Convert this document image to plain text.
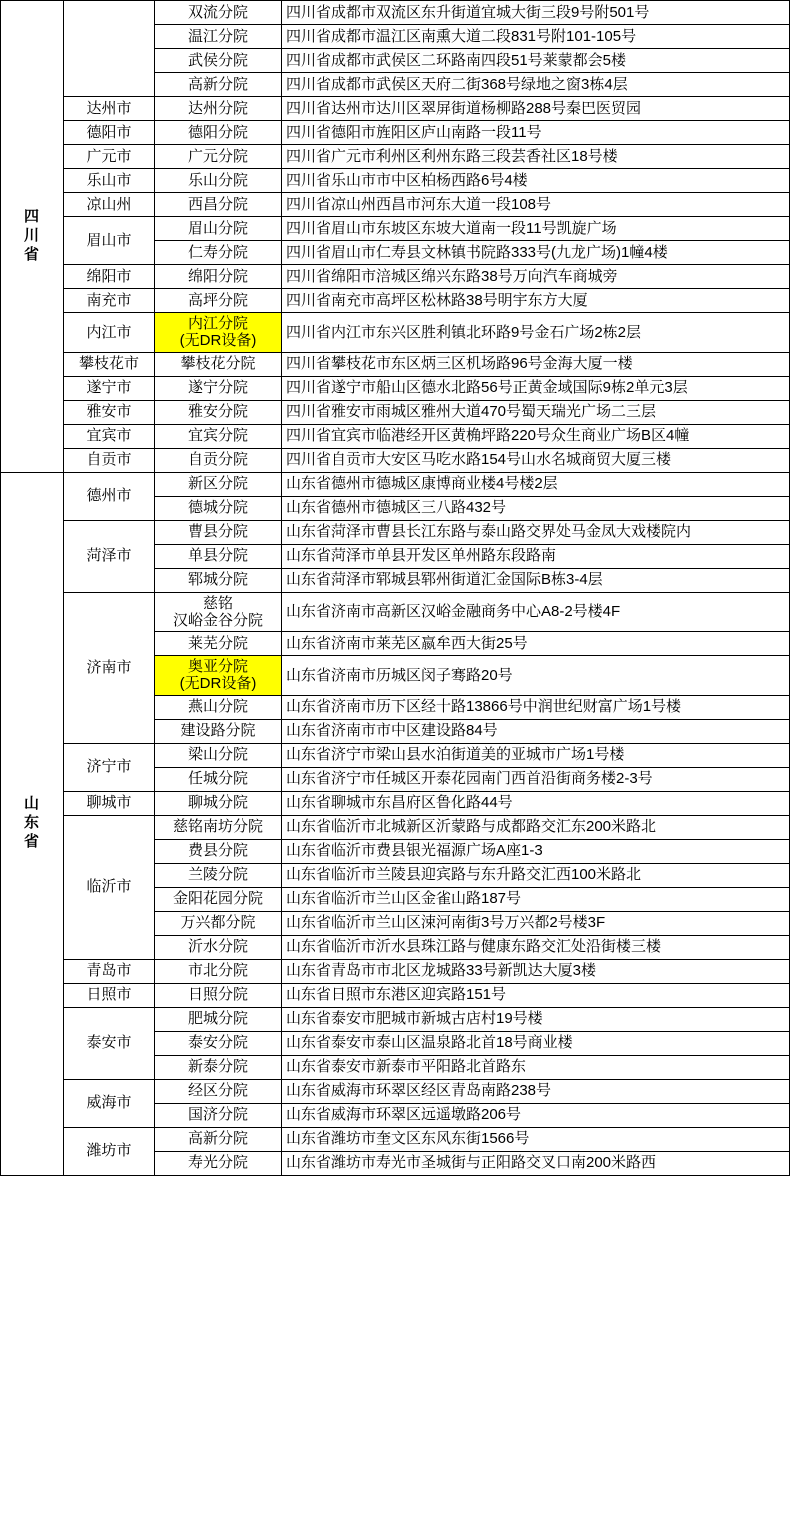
四
川
省		双流分院	四川省成都市双流区东升街道宜城大街三段9号附501号
		温江分院	四川省成都市温江区南熏大道二段831号附101-105号
		武侯分院	四川省成都市武侯区二环路南四段51号莱蒙都会5楼
		高新分院	四川省成都市武侯区天府二街368号绿地之窗3栋4层
	达州市	达州分院	四川省达州市达川区翠屏街道杨柳路288号秦巴医贸园
	德阳市	德阳分院	四川省德阳市旌阳区庐山南路一段11号
	广元市	广元分院	四川省广元市利州区利州东路三段芸香社区18号楼
	乐山市	乐山分院	四川省乐山市市中区柏杨西路6号4楼
	凉山州	西昌分院	四川省凉山州西昌市河东大道一段108号
	眉山市	眉山分院	四川省眉山市东坡区东坡大道南一段11号凯旋广场
		仁寿分院	四川省眉山市仁寿县文林镇书院路333号(九龙广场)1幢4楼
	绵阳市	绵阳分院	四川省绵阳市涪城区绵兴东路38号万向汽车商城旁
	南充市	高坪分院	四川省南充市高坪区松林路38号明宇东方大厦
	内江市	内江分院
(无DR设备)	四川省内江市东兴区胜利镇北环路9号金石广场2栋2层
	攀枝花市	攀枝花分院	四川省攀枝花市东区炳三区机场路96号金海大厦一楼
	遂宁市	遂宁分院	四川省遂宁市船山区德水北路56号正黄金域国际9栋2单元3层
	雅安市	雅安分院	四川省雅安市雨城区雅州大道470号蜀天瑞光广场二三层
	宜宾市	宜宾分院	四川省宜宾市临港经开区黄桷坪路220号众生商业广场B区4幢
	自贡市	自贡分院	四川省自贡市大安区马吃水路154号山水名城商贸大厦三楼

山
东
省	德州市	新区分院	山东省德州市德城区康博商业楼4号楼2层
		德城分院	山东省德州市德城区三八路432号
	菏泽市	曹县分院	山东省菏泽市曹县长江东路与泰山路交界处马金凤大戏楼院内
		单县分院	山东省菏泽市单县开发区单州路东段路南
		郓城分院	山东省菏泽市郓城县郓州街道汇金国际B栋3-4层
	济南市	慈铭
汉峪金谷分院	山东省济南市高新区汉峪金融商务中心A8-2号楼4F
		莱芜分院	山东省济南市莱芜区嬴牟西大街25号

		奥亚分院
(无DR设备)	山东省济南市历城区闵子骞路20号
		燕山分院	山东省济南市历下区经十路13866号中润世纪财富广场1号楼
		建设路分院	山东省济南市市中区建设路84号
	济宁市	梁山分院	山东省济宁市梁山县水泊街道美的亚城市广场1号楼
		任城分院	山东省济宁市任城区开泰花园南门西首沿街商务楼2-3号
	聊城市	聊城分院	山东省聊城市东昌府区鲁化路44号
	临沂市	慈铭南坊分院	山东省临沂市北城新区沂蒙路与成都路交汇东200米路北
		费县分院	山东省临沂市费县银光福源广场A座1-3
		兰陵分院	山东省临沂市兰陵县迎宾路与东升路交汇西100米路北
		金阳花园分院	山东省临沂市兰山区金雀山路187号
		万兴都分院	山东省临沂市兰山区涑河南街3号万兴都2号楼3F
		沂水分院	山东省临沂市沂水县珠江路与健康东路交汇处沿街楼三楼
	青岛市	市北分院	山东省青岛市市北区龙城路33号新凯达大厦3楼
	日照市	日照分院	山东省日照市东港区迎宾路151号
	泰安市	肥城分院	山东省泰安市肥城市新城古店村19号楼
		泰安分院	山东省泰安市泰山区温泉路北首18号商业楼
		新泰分院	山东省泰安市新泰市平阳路北首路东
	威海市	经区分院	山东省威海市环翠区经区青岛南路238号
		国济分院	山东省威海市环翠区远遥墩路206号
	潍坊市	高新分院	山东省潍坊市奎文区东风东街1566号
		寿光分院	山东省潍坊市寿光市圣城街与正阳路交叉口南200米路西
